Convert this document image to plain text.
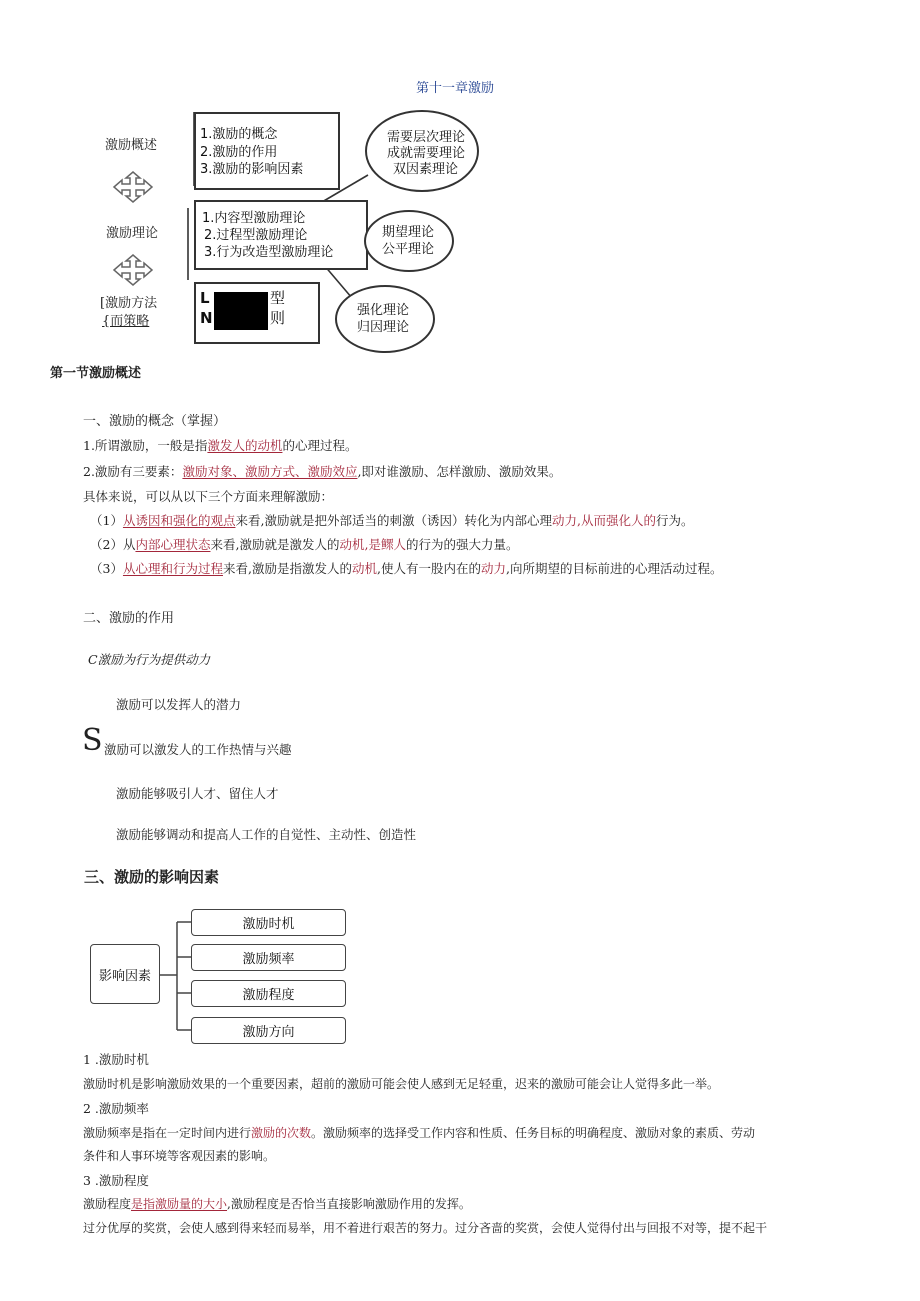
第十一章激励
激励概述
激励理论
[激励方法
{而策略
1.激励的概念
2.激励的作用
3.激励的影响因素
1.内容型激励理论
2.过程型激励理论
3.行为改造型激励理论
L	型
N	则
需要层次理论
成就需要理论
双因素理论
期望理论
公平理论
强化理论
归因理论
第一节激励概述
一、激励的概念（掌握）
1.所谓激励，一般是指激发人的动机的心理过程。
2.激励有三要素：激励对象、激励方式、激励效应,即对谁激励、怎样激励、激励效果。
具体来说，可以从以下三个方面来理解激励：
（1）从诱因和强化的观点来看,激励就是把外部适当的刺激（诱因）转化为内部心理动力,从而强化人的行为。
（2）从内部心理状态来看,激励就是激发人的动机,是鳏人的行为的强大力量。
（3）从心理和行为过程来看,激励是指激发人的动机,使人有一股内在的动力,向所期望的目标前进的心理活动过程。
二、激励的作用
C激励为行为提供动力
激励可以发挥人的潜力
S 激励可以激发人的工作热情与兴趣
激励能够吸引人才、留住人才
激励能够调动和提高人工作的自觉性、主动性、创造性
三、激励的影响因素
影响因素
激励时机
激励频率
激励程度
激励方向
1 .激励时机
激励时机是影响激励效果的一个重要因素，超前的激励可能会使人感到无足轻重，迟来的激励可能会让人觉得多此一举。
2 .激励频率
激励频率是指在一定时间内进行激励的次数。激励频率的选择受工作内容和性质、任务目标的明确程度、激励对象的素质、劳动
条件和人事环境等客观因素的影响。
3 .激励程度
激励程度是指激励量的大小,激励程度是否恰当直接影响激励作用的发挥。
过分优厚的奖赏，会使人感到得来轻而易举，用不着进行艰苦的努力。过分吝啬的奖赏，会使人觉得付出与回报不对等，提不起干
